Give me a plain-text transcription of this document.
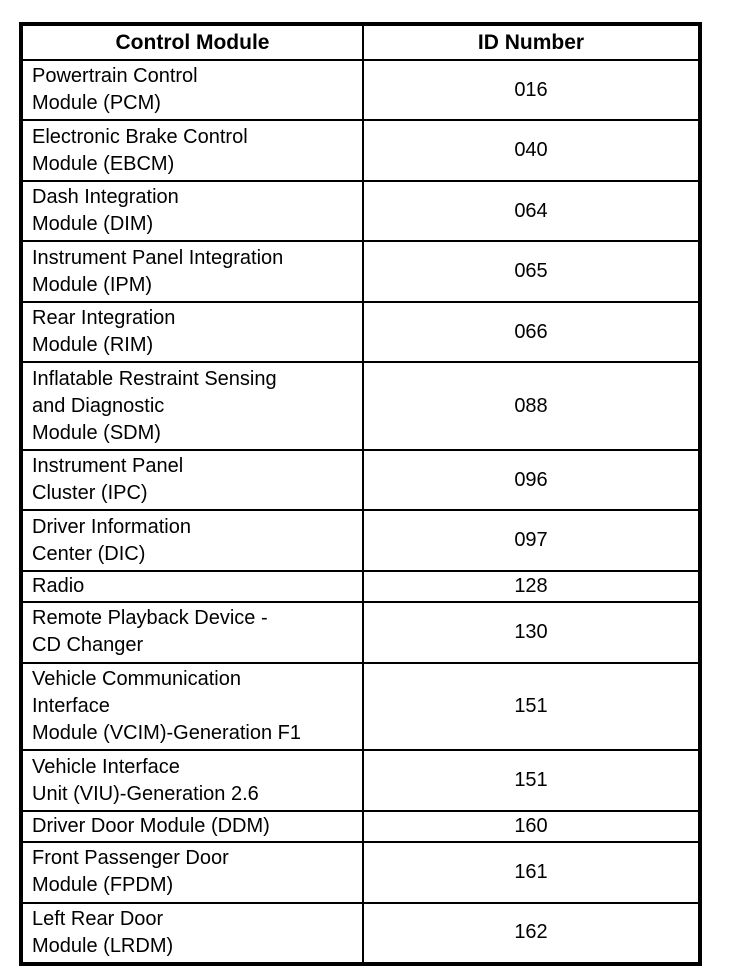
Control Module	ID Number

Powertrain Control
Module (PCM)	016

Electronic Brake Control
Module (EBCM)	040

Dash Integration
Module (DIM)	064

Instrument Panel Integration
Module (IPM)	065

Rear Integration
Module (RIM)	066

Inflatable Restraint Sensing
and Diagnostic
Module (SDM)	088

Instrument Panel
Cluster (IPC)	096

Driver Information
Center (DIC)	097

Radio	128

Remote Playback Device -
CD Changer	130

Vehicle Communication
Interface
Module (VCIM)-Generation F1	151

Vehicle Interface
Unit (VIU)-Generation 2.6	151

Driver Door Module (DDM)	160

Front Passenger Door
Module (FPDM)	161

Left Rear Door
Module (LRDM)	162
